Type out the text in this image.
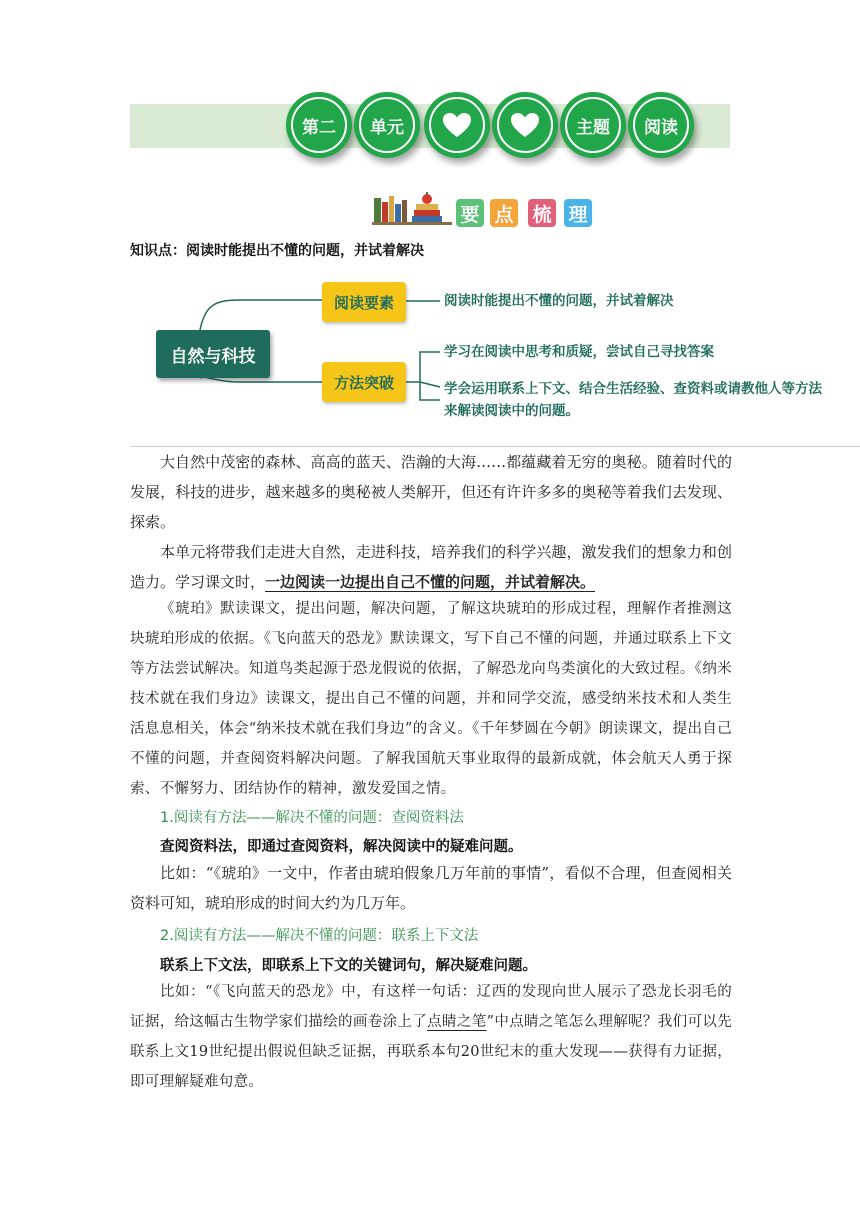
第二	单元	主题	阅读
要 点 梳 理
知识点：阅读时能提出不懂的问题，并试着解决
自然与科技
阅读要素
方法突破
阅读时能提出不懂的问题，并试着解决
学习在阅读中思考和质疑，尝试自己寻找答案
学会运用联系上下文、结合生活经验、查资料或请教他人等方法
来解读阅读中的问题。

大自然中茂密的森林、高高的蓝天、浩瀚的大海……都蕴藏着无穷的奥秘。随着时代的发展，科技的进步，越来越多的奥秘被人类解开，但还有许许多多的奥秘等着我们去发现、探索。

本单元将带我们走进大自然，走进科技，培养我们的科学兴趣，激发我们的想象力和创造力。学习课文时，一边阅读一边提出自己不懂的问题，并试着解决。

《琥珀》默读课文，提出问题，解决问题，了解这块琥珀的形成过程，理解作者推测这块琥珀形成的依据。《飞向蓝天的恐龙》默读课文，写下自己不懂的问题，并通过联系上下文等方法尝试解决。知道鸟类起源于恐龙假说的依据，了解恐龙向鸟类演化的大致过程。《纳米技术就在我们身边》读课文，提出自己不懂的问题，并和同学交流，感受纳米技术和人类生活息息相关，体会“纳米技术就在我们身边”的含义。《千年梦圆在今朝》朗读课文，提出自己不懂的问题，并查阅资料解决问题。了解我国航天事业取得的最新成就，体会航天人勇于探索、不懈努力、团结协作的精神，激发爱国之情。

1.阅读有方法——解决不懂的问题：查阅资料法
查阅资料法，即通过查阅资料，解决阅读中的疑难问题。

比如：“《琥珀》一文中，作者由琥珀假象几万年前的事情”，看似不合理，但查阅相关资料可知，琥珀形成的时间大约为几万年。

2.阅读有方法——解决不懂的问题：联系上下文法
联系上下文法，即联系上下文的关键词句，解决疑难问题。

比如：“《飞向蓝天的恐龙》中，有这样一句话：辽西的发现向世人展示了恐龙长羽毛的证据，给这幅古生物学家们描绘的画卷涂上了点睛之笔”中点睛之笔怎么理解呢？我们可以先联系上文19世纪提出假说但缺乏证据，再联系本句20世纪末的重大发现——获得有力证据，即可理解疑难句意。
